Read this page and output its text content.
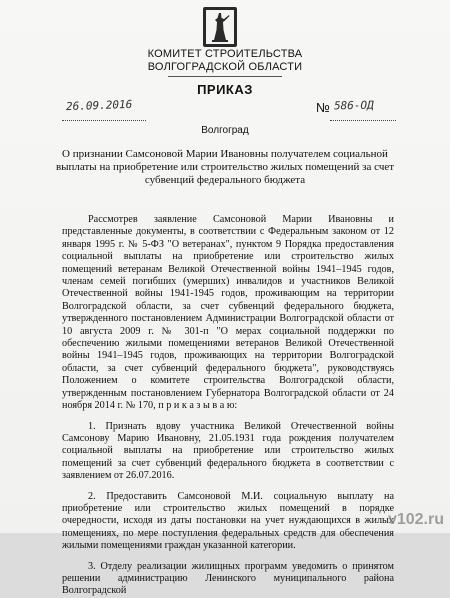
КОМИТЕТ СТРОИТЕЛЬСТВА
ВОЛГОГРАДСКОЙ ОБЛАСТИ
ПРИКАЗ
26.09.2016	№ 586-ОД
Волгоград
О признании Самсоновой Марии Ивановны получателем социальной выплаты на приобретение или строительство жилых помещений за счет субвенций федерального бюджета

Рассмотрев заявление Самсоновой Марии Ивановны и представленные документы, в соответствии с Федеральным законом от 12 января 1995 г. № 5-ФЗ "О ветеранах", пунктом 9 Порядка предоставления социальной выплаты на приобретение или строительство жилых помещений ветеранам Великой Отечественной войны 1941–1945 годов, членам семей погибших (умерших) инвалидов и участников Великой Отечественной войны 1941-1945 годов, проживающим на территории Волгоградской области, за счет субвенций федерального бюджета, утвержденного постановлением Администрации Волгоградской области от 10 августа 2009 г. № 301-п "О мерах социальной поддержки по обеспечению жилыми помещениями ветеранов Великой Отечественной войны 1941–1945 годов, проживающих на территории Волгоградской области, за счет субвенций федерального бюджета", руководствуясь Положением о комитете строительства Волгоградской области, утвержденным постановлением Губернатора Волгоградской области от 24 ноября 2014 г. № 170, п р и к а з ы в а ю:

1. Признать вдову участника Великой Отечественной войны Самсонову Марию Ивановну, 21.05.1931 года рождения получателем социальной выплаты на приобретение или строительство жилых помещений за счет субвенций федерального бюджета в соответствии с заявлением от 26.07.2016.

2. Предоставить Самсоновой М.И. социальную выплату на приобретение или строительство жилых помещений в порядке очередности, исходя из даты постановки на учет нуждающихся в жилых помещениях, по мере поступления федеральных средств для обеспечения жилыми помещениями граждан указанной категории.

3. Отделу реализации жилищных программ уведомить о принятом решении администрацию Ленинского муниципального района Волгоградской

v102.ru
